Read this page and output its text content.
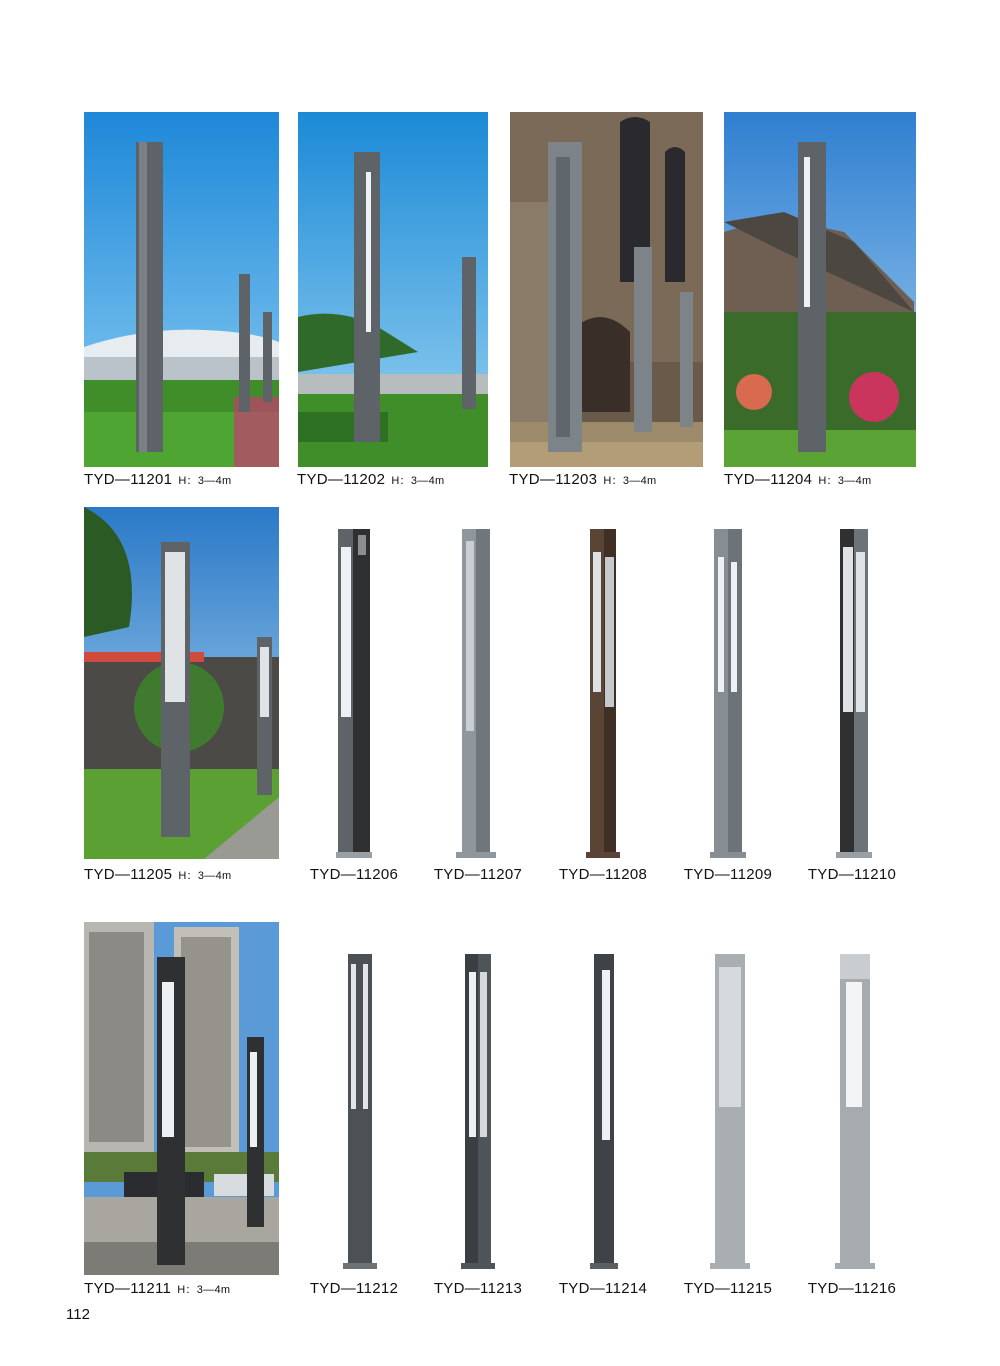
TYD—11201 H：3—4m	TYD—11202 H：3—4m	TYD—11203 H：3—4m	TYD—11204 H：3—4m
TYD—11205 H：3—4m	TYD—11206	TYD—11207	TYD—11208	TYD—11209	TYD—11210
TYD—11211 H：3—4m	TYD—11212	TYD—11213	TYD—11214	TYD—11215	TYD—11216
112
